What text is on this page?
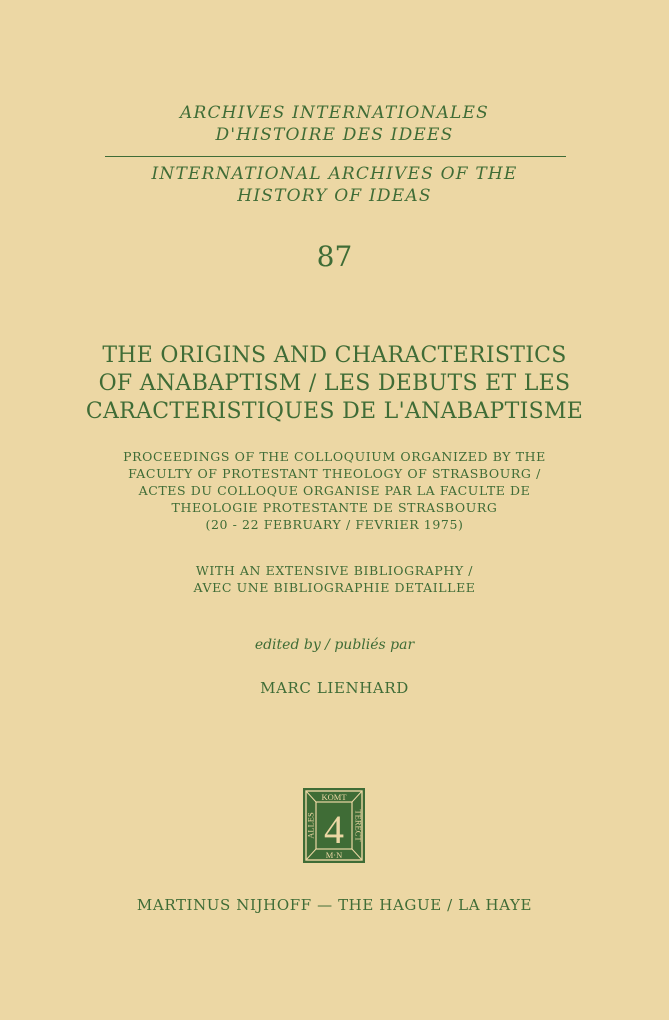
ARCHIVES INTERNATIONALES
D'HISTOIRE DES IDEES
INTERNATIONAL ARCHIVES OF THE
HISTORY OF IDEAS
87
THE ORIGINS AND CHARACTERISTICS
OF ANABAPTISM / LES DEBUTS ET LES
CARACTERISTIQUES DE L'ANABAPTISME
PROCEEDINGS OF THE COLLOQUIUM ORGANIZED BY THE
FACULTY OF PROTESTANT THEOLOGY OF STRASBOURG /
ACTES DU COLLOQUE ORGANISE PAR LA FACULTE DE
THEOLOGIE PROTESTANTE DE STRASBOURG
(20 - 22 FEBRUARY / FEVRIER 1975)
WITH AN EXTENSIVE BIBLIOGRAPHY /
AVEC UNE BIBLIOGRAPHIE DETAILLEE
edited by / publiés par
MARC LIENHARD
KOMT
M·N
ALLES	TERECT
4
MARTINUS NIJHOFF — THE HAGUE / LA HAYE
